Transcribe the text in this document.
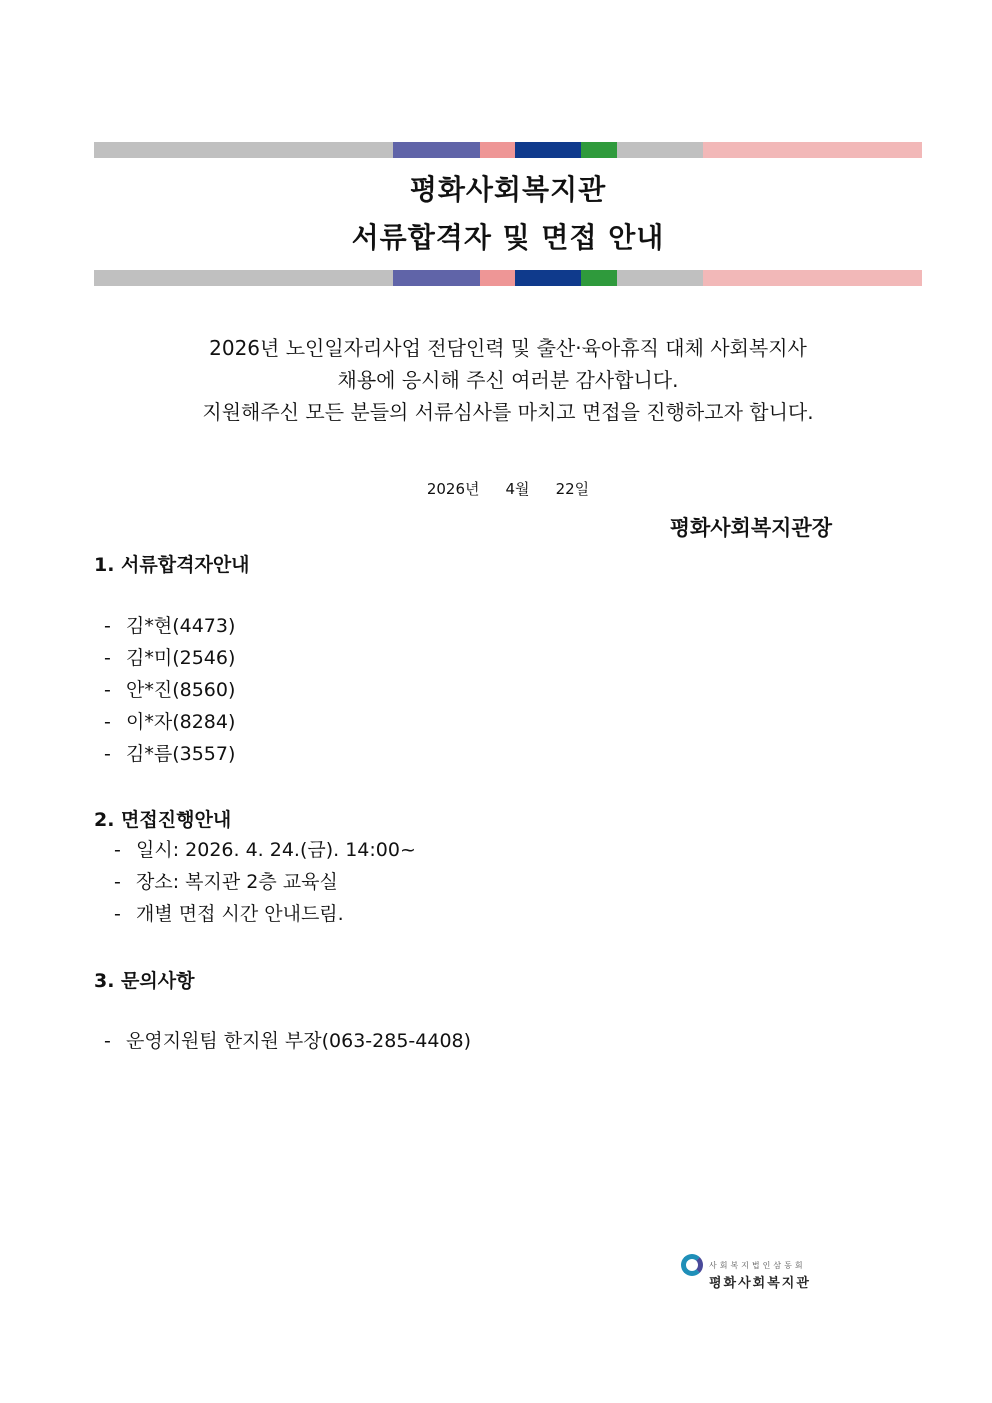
평화사회복지관
서류합격자 및 면접 안내

2026년 노인일자리사업 전담인력 및 출산·육아휴직 대체 사회복지사

채용에 응시해 주신 여러분 감사합니다.

지원해주신 모든 분들의 서류심사를 마치고 면접을 진행하고자 합니다.

2026년 4월 22일
평화사회복지관장
1. 서류합격자안내
- 김*현(4473)
- 김*미(2546)
- 안*진(8560)
- 이*자(8284)
- 김*름(3557)
2. 면접진행안내
- 일시: 2026. 4. 24.(금). 14:00~
- 장소: 복지관 2층 교육실
- 개별 면접 시간 안내드림.
3. 문의사항
- 운영지원팀 한지원 부장(063-285-4408)
사회복지법인삼동회
평화사회복지관
